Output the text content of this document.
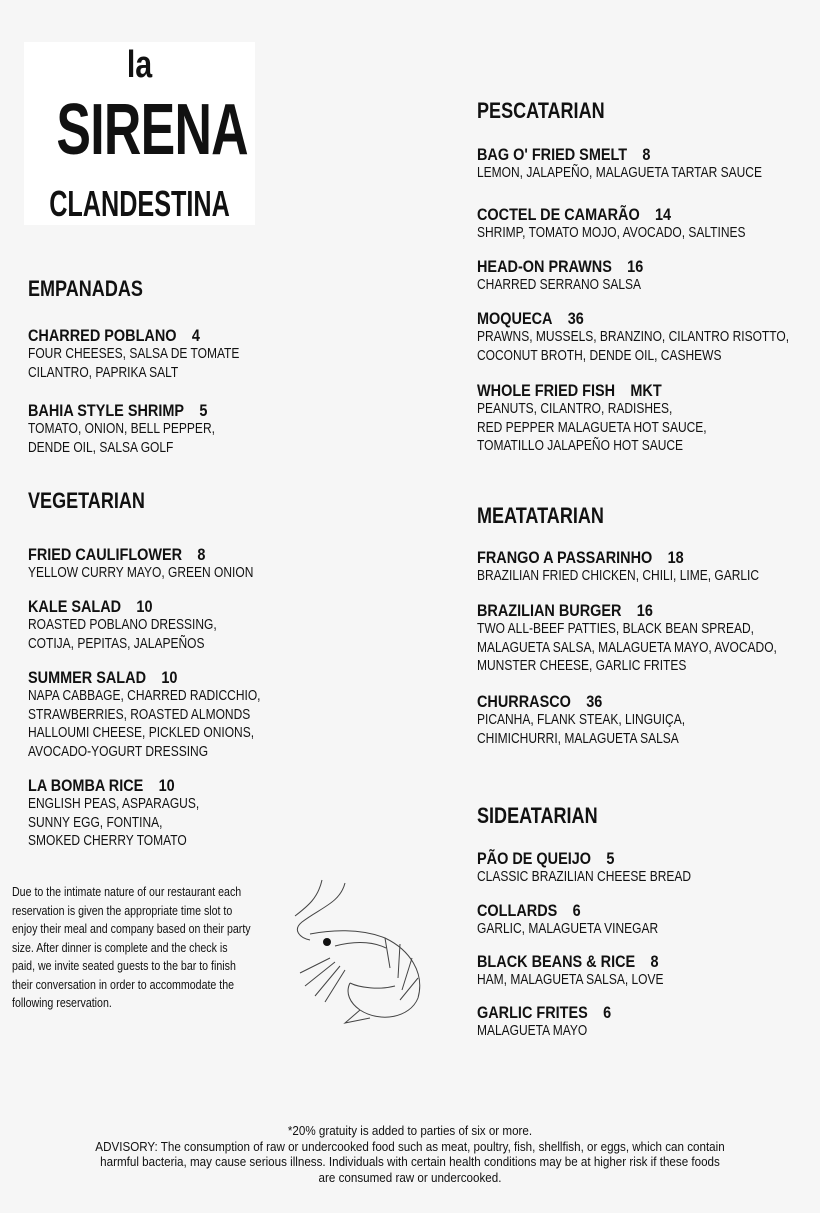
la
SIRENA
CLANDESTINA
EMPANADAS
CHARRED POBLANO 4
FOUR CHEESES, SALSA DE TOMATE
CILANTRO, PAPRIKA SALT
BAHIA STYLE SHRIMP 5
TOMATO, ONION, BELL PEPPER,
DENDE OIL, SALSA GOLF
VEGETARIAN
FRIED CAULIFLOWER 8
YELLOW CURRY MAYO, GREEN ONION
KALE SALAD 10
ROASTED POBLANO DRESSING,
COTIJA, PEPITAS, JALAPEÑOS
SUMMER SALAD 10
NAPA CABBAGE, CHARRED RADICCHIO,
STRAWBERRIES, ROASTED ALMONDS
HALLOUMI CHEESE, PICKLED ONIONS,
AVOCADO-YOGURT DRESSING
LA BOMBA RICE 10
ENGLISH PEAS, ASPARAGUS,
SUNNY EGG, FONTINA,
SMOKED CHERRY TOMATO
PESCATARIAN
BAG O' FRIED SMELT 8
LEMON, JALAPEÑO, MALAGUETA TARTAR SAUCE
COCTEL DE CAMARÃO 14
SHRIMP, TOMATO MOJO, AVOCADO, SALTINES
HEAD-ON PRAWNS 16
CHARRED SERRANO SALSA
MOQUECA 36
PRAWNS, MUSSELS, BRANZINO, CILANTRO RISOTTO,
COCONUT BROTH, DENDE OIL, CASHEWS
WHOLE FRIED FISH MKT
PEANUTS, CILANTRO, RADISHES,
RED PEPPER MALAGUETA HOT SAUCE,
TOMATILLO JALAPEÑO HOT SAUCE
MEATATARIAN
FRANGO A PASSARINHO 18
BRAZILIAN FRIED CHICKEN, CHILI, LIME, GARLIC
BRAZILIAN BURGER 16
TWO ALL-BEEF PATTIES, BLACK BEAN SPREAD,
MALAGUETA SALSA, MALAGUETA MAYO, AVOCADO,
MUNSTER CHEESE, GARLIC FRITES
CHURRASCO 36
PICANHA, FLANK STEAK, LINGUIÇA,
CHIMICHURRI, MALAGUETA SALSA
SIDEATARIAN
PÃO DE QUEIJO 5
CLASSIC BRAZILIAN CHEESE BREAD
COLLARDS 6
GARLIC, MALAGUETA VINEGAR
BLACK BEANS & RICE 8
HAM, MALAGUETA SALSA, LOVE
GARLIC FRITES 6
MALAGUETA MAYO
Due to the intimate nature of our restaurant each
reservation is given the appropriate time slot to
enjoy their meal and company based on their party
size. After dinner is complete and the check is
paid, we invite seated guests to the bar to finish
their conversation in order to accommodate the
following reservation.
*20% gratuity is added to parties of six or more.
ADVISORY: The consumption of raw or undercooked food such as meat, poultry, fish, shellfish, or eggs, which can contain
harmful bacteria, may cause serious illness. Individuals with certain health conditions may be at higher risk if these foods
are consumed raw or undercooked.
